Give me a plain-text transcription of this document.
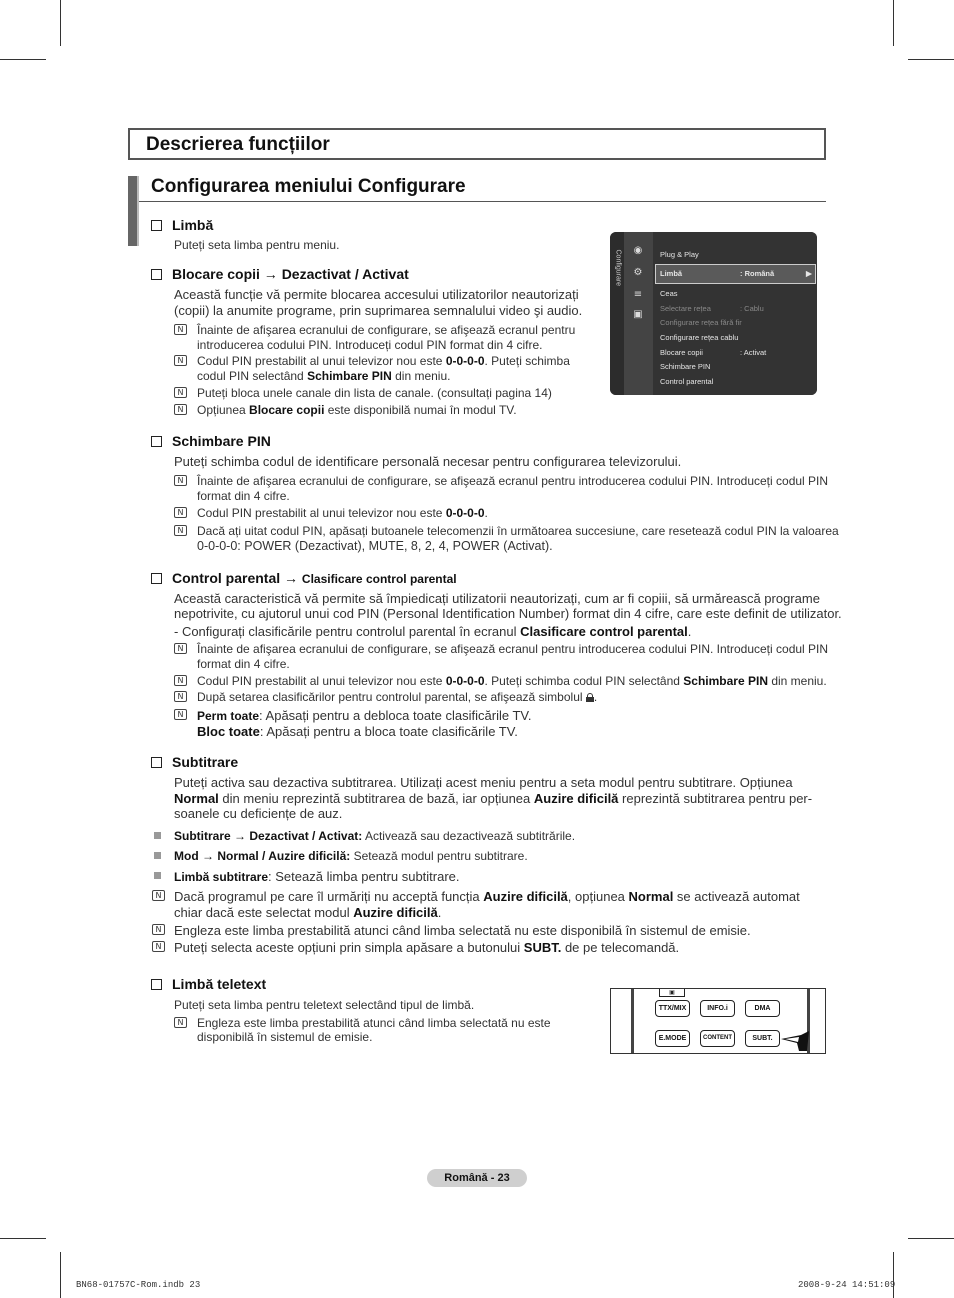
Descrierea funcțiilor
Configurarea meniului Configurare
Limbă
Puteți seta limba pentru meniu.
Blocare copii → Dezactivat / Activat
Această funcție vă permite blocarea accesului utilizatorilor neautorizați
(copii) la anumite programe, prin suprimarea semnalului video şi audio.
N Înainte de afişarea ecranului de configurare, se afişează ecranul pentru
introducerea codului PIN. Introduceți codul PIN format din 4 cifre.
N Codul PIN prestabilit al unui televizor nou este 0-0-0-0. Puteți schimba
codul PIN selectând Schimbare PIN din meniu.
N Puteți bloca unele canale din lista de canale. (consultați pagina 14)
N Opțiunea Blocare copii este disponibilă numai în modul TV.
Configurare ◉
⚙
≡
▣
Plug & Play
Limbă	: Română	▶
Ceas
Selectare rețea	: Cablu
Configurare rețea fără fir
Configurare rețea cablu
Blocare copii	: Activat
Schimbare PIN
Control parental
Schimbare PIN
Puteți schimba codul de identificare personală necesar pentru configurarea televizorului.
N Înainte de afişarea ecranului de configurare, se afişează ecranul pentru introducerea codului PIN. Introduceți codul PIN
format din 4 cifre.
N Codul PIN prestabilit al unui televizor nou este 0-0-0-0.
N Dacă ați uitat codul PIN, apăsați butoanele telecomenzii în următoarea succesiune, care resetează codul PIN la valoarea
0-0-0-0: POWER (Dezactivat), MUTE, 8, 2, 4, POWER (Activat).
Control parental → Clasificare control parental
Această caracteristică vă permite să împiedicați utilizatorii neautorizați, cum ar fi copiii, să urmărească programe
nepotrivite, cu ajutorul unui cod PIN (Personal Identification Number) format din 4 cifre, care este definit de utilizator.
- Configurați clasificările pentru controlul parental în ecranul Clasificare control parental.
N Înainte de afişarea ecranului de configurare, se afişează ecranul pentru introducerea codului PIN. Introduceți codul PIN
format din 4 cifre.
N Codul PIN prestabilit al unui televizor nou este 0-0-0-0. Puteți schimba codul PIN selectând Schimbare PIN din meniu.
N După setarea clasificărilor pentru controlul parental, se afişează simbolul .
N Perm toate: Apăsați pentru a debloca toate clasificările TV.
Bloc toate: Apăsați pentru a bloca toate clasificările TV.
Subtitrare
Puteți activa sau dezactiva subtitrarea. Utilizați acest meniu pentru a seta modul pentru subtitrare. Opțiunea
Normal din meniu reprezintă subtitrarea de bază, iar opțiunea Auzire dificilă reprezintă subtitrarea pentru per-
soanele cu deficiențe de auz.
Subtitrare → Dezactivat / Activat: Activează sau dezactivează subtitrările.
Mod → Normal / Auzire dificilă: Setează modul pentru subtitrare.
Limbă subtitrare: Setează limba pentru subtitrare.
N Dacă programul pe care îl urmăriți nu acceptă funcția Auzire dificilă, opțiunea Normal se activează automat
chiar dacă este selectat modul Auzire dificilă.
N Engleza este limba prestabilită atunci când limba selectată nu este disponibilă în sistemul de emisie.
N Puteți selecta aceste opțiuni prin simpla apăsare a butonului SUBT. de pe telecomandă.
Limbă teletext
Puteți seta limba pentru teletext selectând tipul de limbă.
N Engleza este limba prestabilită atunci când limba selectată nu este
disponibilă în sistemul de emisie.
▣
TTX/MIX	INFO.i	DMA
E.MODE	CONTENT	SUBT.
Română - 23
BN68-01757C-Rom.indb 23	2008-9-24 14:51:09
